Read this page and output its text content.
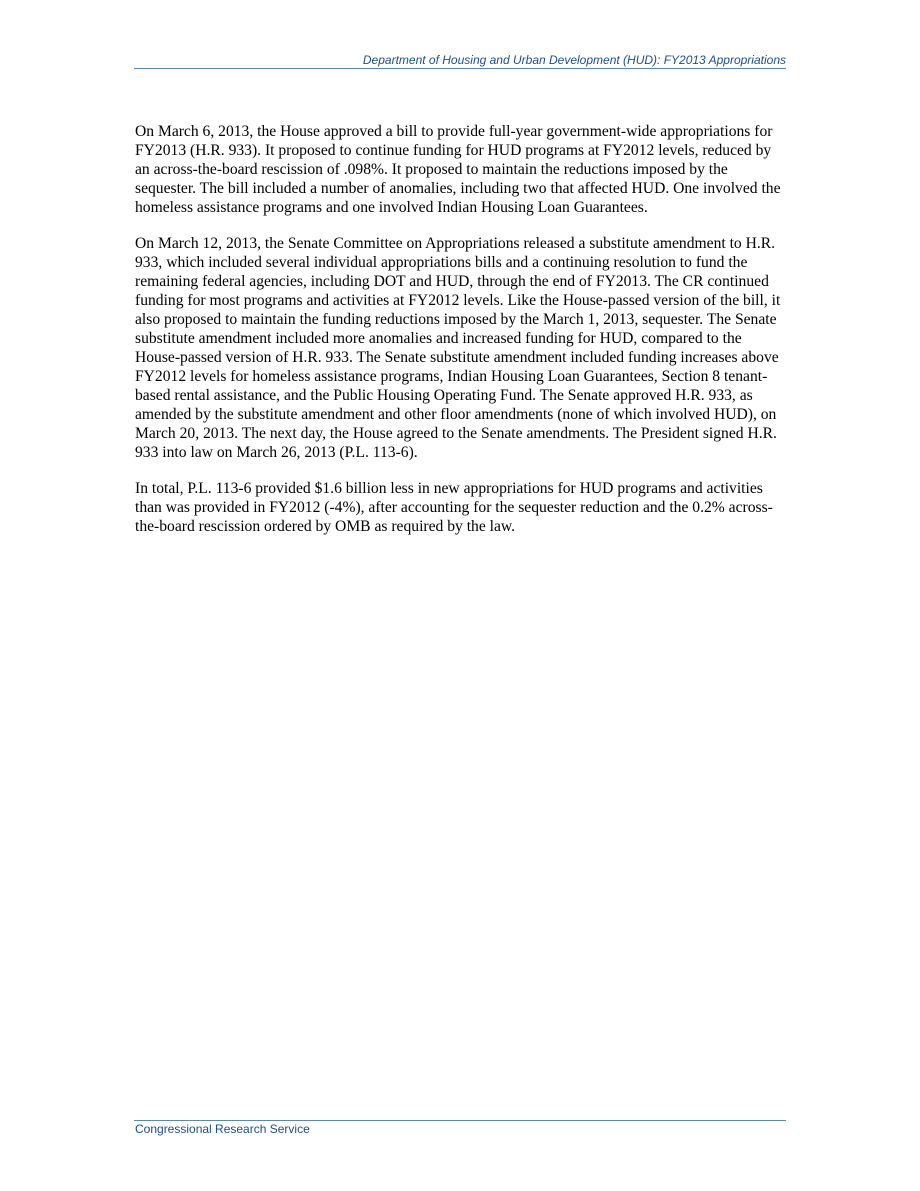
Department of Housing and Urban Development (HUD): FY2013 Appropriations

On March 6, 2013, the House approved a bill to provide full-year government-wide appropriations for FY2013 (H.R. 933). It proposed to continue funding for HUD programs at FY2012 levels, reduced by an across-the-board rescission of .098%. It proposed to maintain the reductions imposed by the sequester. The bill included a number of anomalies, including two that affected HUD. One involved the homeless assistance programs and one involved Indian Housing Loan Guarantees.

On March 12, 2013, the Senate Committee on Appropriations released a substitute amendment to H.R. 933, which included several individual appropriations bills and a continuing resolution to fund the remaining federal agencies, including DOT and HUD, through the end of FY2013. The CR continued funding for most programs and activities at FY2012 levels. Like the House-passed version of the bill, it also proposed to maintain the funding reductions imposed by the March 1, 2013, sequester. The Senate substitute amendment included more anomalies and increased funding for HUD, compared to the House-passed version of H.R. 933. The Senate substitute amendment included funding increases above FY2012 levels for homeless assistance programs, Indian Housing Loan Guarantees, Section 8 tenant-based rental assistance, and the Public Housing Operating Fund. The Senate approved H.R. 933, as amended by the substitute amendment and other floor amendments (none of which involved HUD), on March 20, 2013. The next day, the House agreed to the Senate amendments. The President signed H.R. 933 into law on March 26, 2013 (P.L. 113-6).

In total, P.L. 113-6 provided $1.6 billion less in new appropriations for HUD programs and activities than was provided in FY2012 (-4%), after accounting for the sequester reduction and the 0.2% across-the-board rescission ordered by OMB as required by the law.

Congressional Research Service
